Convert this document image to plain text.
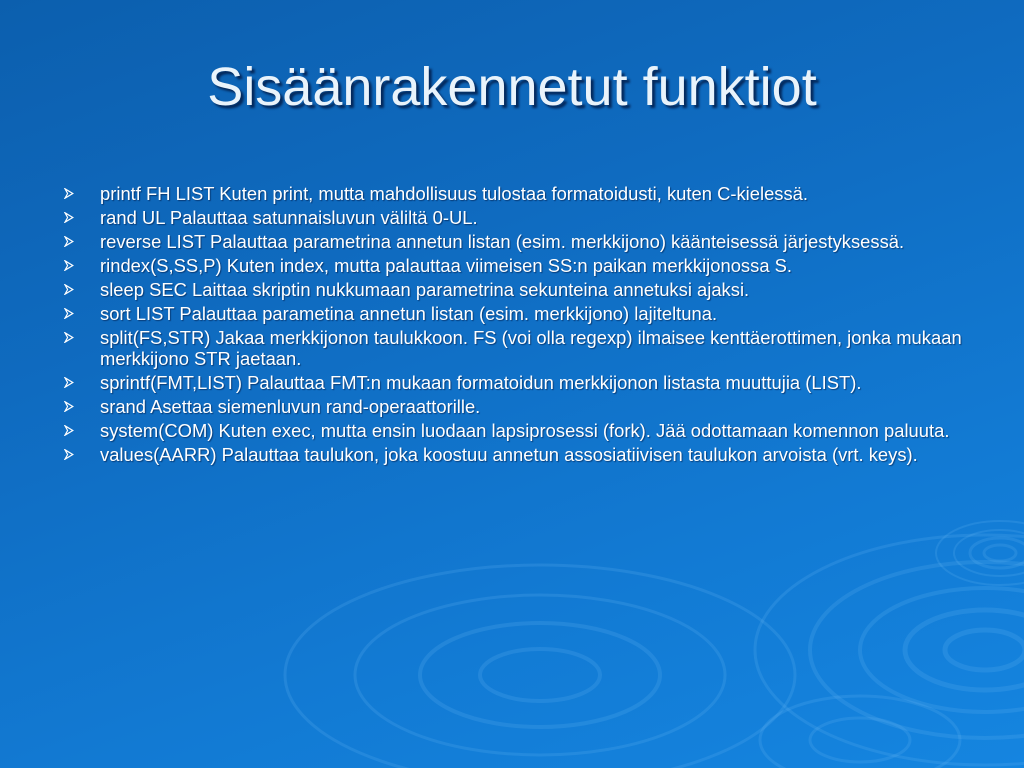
Sisäänrakennetut funktiot
printf FH LIST Kuten print, mutta mahdollisuus tulostaa formatoidusti, kuten C-kielessä.
rand UL Palauttaa satunnaisluvun väliltä 0-UL.
reverse LIST Palauttaa parametrina annetun listan (esim. merkkijono) käänteisessä järjestyksessä.
rindex(S,SS,P) Kuten index, mutta palauttaa viimeisen SS:n paikan merkkijonossa S.
sleep SEC Laittaa skriptin nukkumaan parametrina sekunteina annetuksi ajaksi.
sort LIST Palauttaa parametina annetun listan (esim. merkkijono) lajiteltuna.
split(FS,STR) Jakaa merkkijonon taulukkoon. FS (voi olla regexp) ilmaisee kenttäerottimen, jonka mukaan merkkijono STR jaetaan.
sprintf(FMT,LIST) Palauttaa FMT:n mukaan formatoidun merkkijonon listasta muuttujia (LIST).
srand Asettaa siemenluvun rand-operaattorille.
system(COM) Kuten exec, mutta ensin luodaan lapsiprosessi (fork). Jää odottamaan komennon paluuta.
values(AARR) Palauttaa taulukon, joka koostuu annetun assosiatiivisen taulukon arvoista (vrt. keys).
